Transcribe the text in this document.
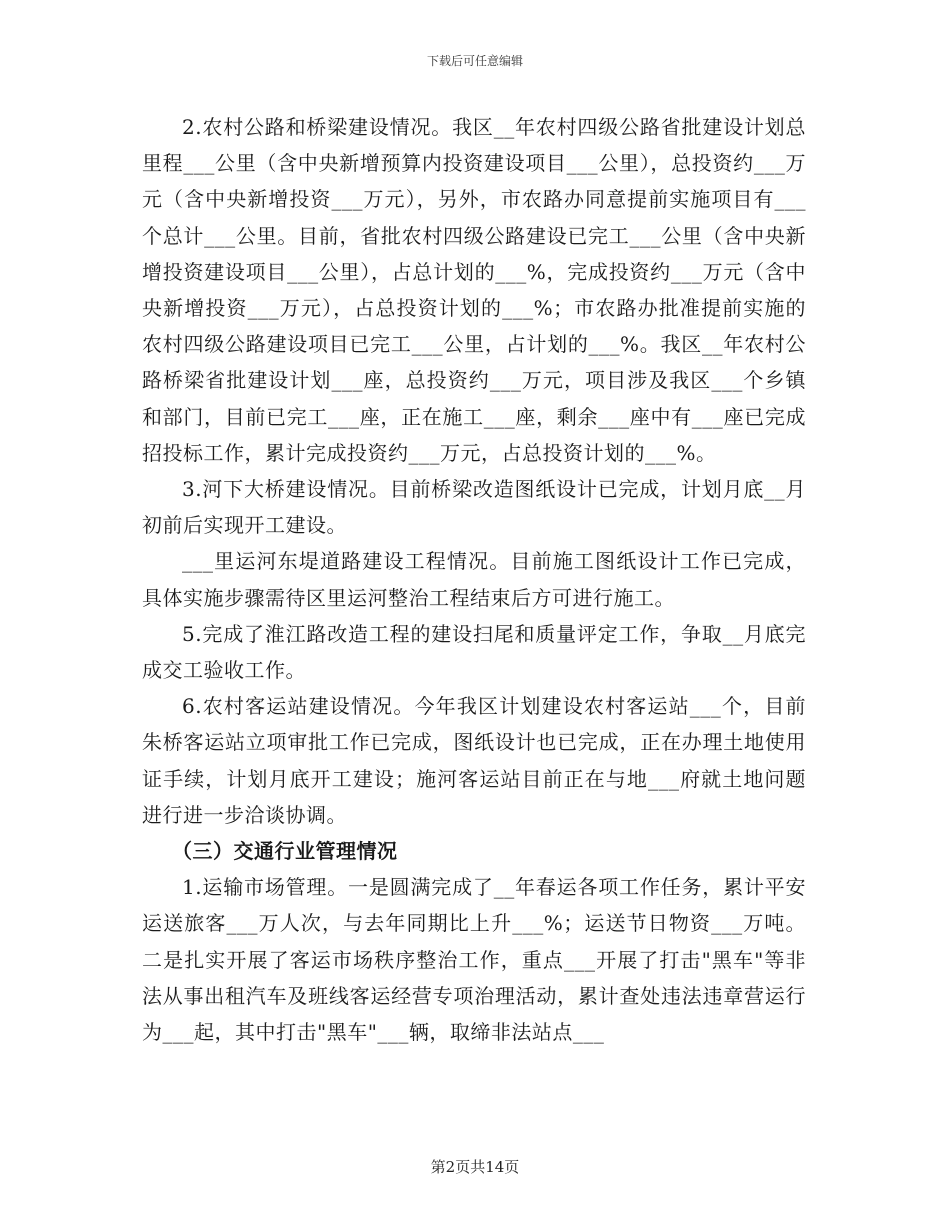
下载后可任意编辑

2.农村公路和桥梁建设情况。我区__年农村四级公路省批建设计划总里程___公里（含中央新增预算内投资建设项目___公里），总投资约___万元（含中央新增投资___万元），另外，市农路办同意提前实施项目有___个总计___公里。目前，省批农村四级公路建设已完工___公里（含中央新增投资建设项目___公里），占总计划的___%，完成投资约___万元（含中央新增投资___万元），占总投资计划的___%；市农路办批准提前实施的农村四级公路建设项目已完工___公里，占计划的___%。我区__年农村公路桥梁省批建设计划___座，总投资约___万元，项目涉及我区___个乡镇和部门，目前已完工___座，正在施工___座，剩余___座中有___座已完成招投标工作，累计完成投资约___万元，占总投资计划的___%。

3.河下大桥建设情况。目前桥梁改造图纸设计已完成，计划月底__月初前后实现开工建设。

___里运河东堤道路建设工程情况。目前施工图纸设计工作已完成，具体实施步骤需待区里运河整治工程结束后方可进行施工。

5.完成了淮江路改造工程的建设扫尾和质量评定工作，争取__月底完成交工验收工作。

6.农村客运站建设情况。今年我区计划建设农村客运站___个，目前朱桥客运站立项审批工作已完成，图纸设计也已完成，正在办理土地使用证手续，计划月底开工建设；施河客运站目前正在与地___府就土地问题进行进一步洽谈协调。

（三）交通行业管理情况

1.运输市场管理。一是圆满完成了__年春运各项工作任务，累计平安运送旅客___万人次，与去年同期比上升___%；运送节日物资___万吨。二是扎实开展了客运市场秩序整治工作，重点___开展了打击"黑车"等非法从事出租汽车及班线客运经营专项治理活动，累计查处违法违章营运行为___起，其中打击"黑车"___辆，取缔非法站点___

第2页共14页
